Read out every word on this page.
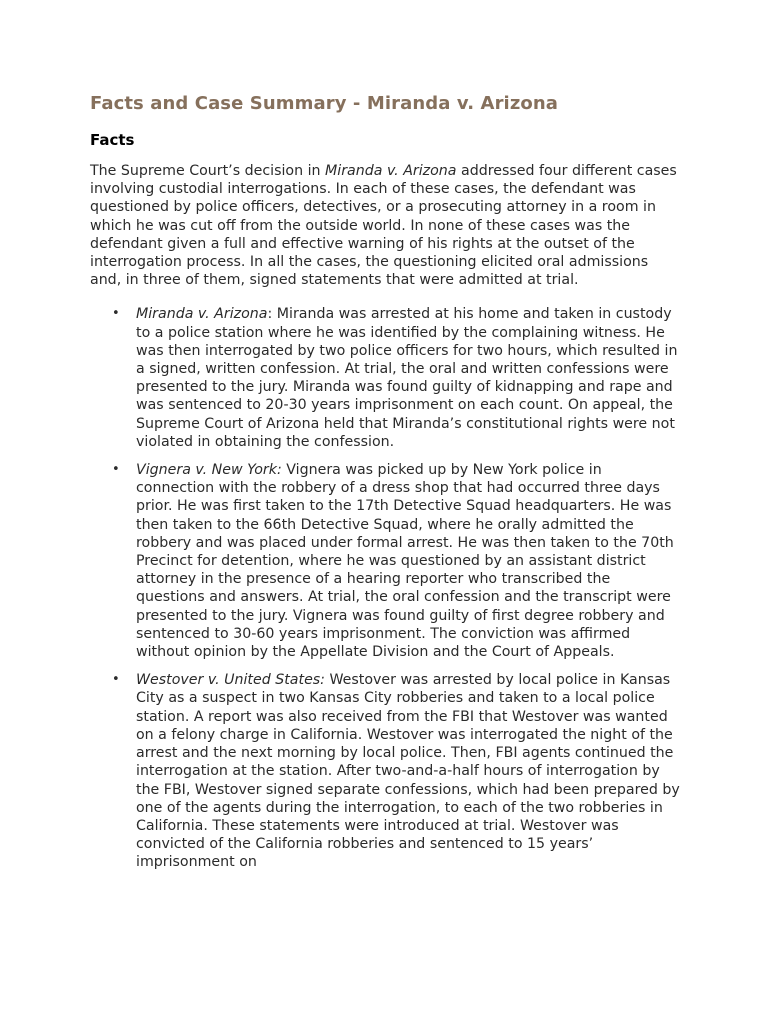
Facts and Case Summary - Miranda v. Arizona
Facts

The Supreme Court’s decision in Miranda v. Arizona addressed four different cases involving custodial interrogations. In each of these cases, the defendant was questioned by police officers, detectives, or a prosecuting attorney in a room in which he was cut off from the outside world. In none of these cases was the defendant given a full and effective warning of his rights at the outset of the interrogation process. In all the cases, the questioning elicited oral admissions and, in three of them, signed statements that were admitted at trial.

• Miranda v. Arizona: Miranda was arrested at his home and taken in custody to a police station where he was identified by the complaining witness. He was then interrogated by two police officers for two hours, which resulted in a signed, written confession. At trial, the oral and written confessions were presented to the jury. Miranda was found guilty of kidnapping and rape and was sentenced to 20-30 years imprisonment on each count. On appeal, the Supreme Court of Arizona held that Miranda’s constitutional rights were not violated in obtaining the confession.
• Vignera v. New York: Vignera was picked up by New York police in connection with the robbery of a dress shop that had occurred three days prior. He was first taken to the 17th Detective Squad headquarters. He was then taken to the 66th Detective Squad, where he orally admitted the robbery and was placed under formal arrest. He was then taken to the 70th Precinct for detention, where he was questioned by an assistant district attorney in the presence of a hearing reporter who transcribed the questions and answers. At trial, the oral confession and the transcript were presented to the jury. Vignera was found guilty of first degree robbery and sentenced to 30-60 years imprisonment. The conviction was affirmed without opinion by the Appellate Division and the Court of Appeals.
• Westover v. United States: Westover was arrested by local police in Kansas City as a suspect in two Kansas City robberies and taken to a local police station. A report was also received from the FBI that Westover was wanted on a felony charge in California. Westover was interrogated the night of the arrest and the next morning by local police. Then, FBI agents continued the interrogation at the station. After two-and-a-half hours of interrogation by the FBI, Westover signed separate confessions, which had been prepared by one of the agents during the interrogation, to each of the two robberies in California. These statements were introduced at trial. Westover was convicted of the California robberies and sentenced to 15 years’ imprisonment on
